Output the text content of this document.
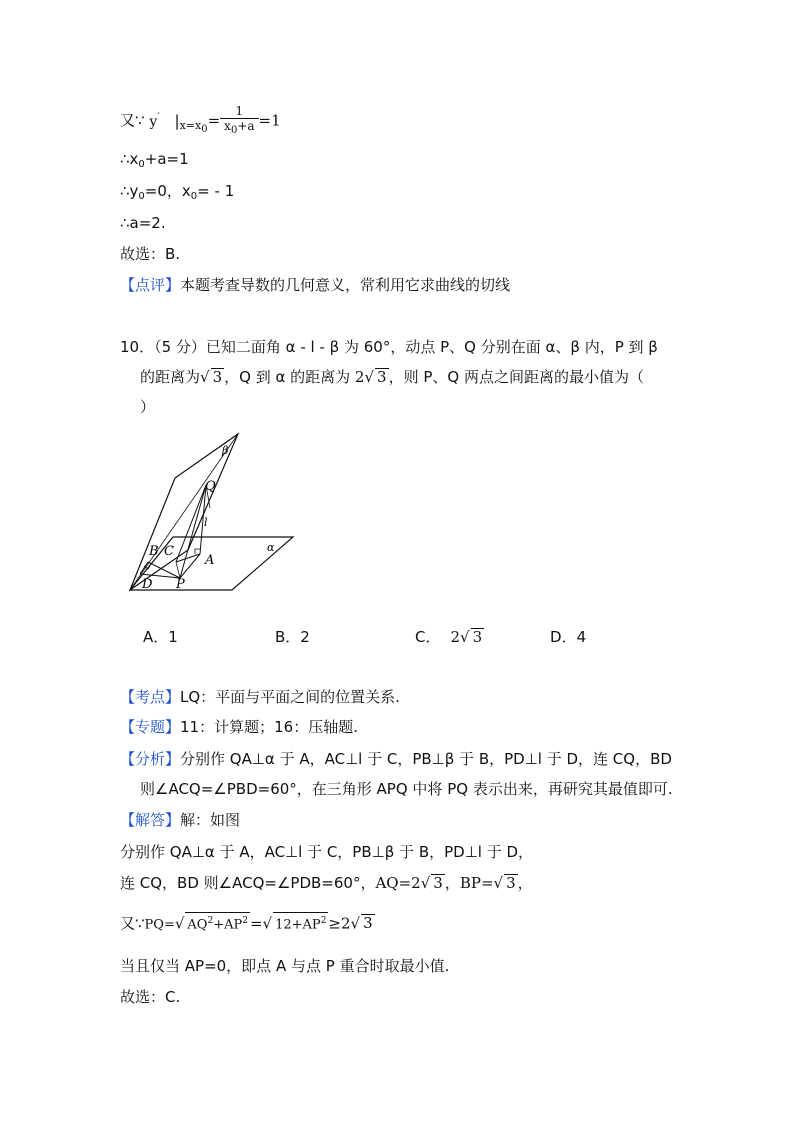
又∵ y′ $|_{x=x0}= \frac{1}{x_0+a} =1$
$\therefore x_0+a=1$
$\therefore y_0=0$，$x_0= - 1$
∴a=2.
故选：B.
【点评】本题考查导数的几何意义，常利用它求曲线的切线
10．（5 分）已知二面角 α - l - β 为 60°，动点 P、Q 分别在面 α、β 内，P 到 β
的距离为√ 3 ，Q 到 α 的距离为 2√ 3 ，则 P、Q 两点之间距离的最小值为（
）
β
Q
l
B C
A
α
D P
A．1	B．2	C． 2√ 3	D．4
【考点】LQ：平面与平面之间的位置关系.
【专题】11：计算题；16：压轴题.
【分析】分别作 QA⊥α 于 A，AC⊥l 于 C，PB⊥β 于 B，PD⊥l 于 D，连 CQ，BD
则∠ACQ=∠PBD=60°，在三角形 APQ 中将 PQ 表示出来，再研究其最值即可.
【解答】解：如图
分别作 QA⊥α 于 A，AC⊥l 于 C，PB⊥β 于 B，PD⊥l 于 D，
连 CQ，BD 则∠ACQ=∠PDB=60°，AQ=2√ 3 ，BP=√ 3 ，
又∵PQ=√ $AQ^2+AP^2$ =√ $12+AP^2 \ge 2√$ 3
当且仅当 AP=0，即点 A 与点 P 重合时取最小值.
故选：C.
